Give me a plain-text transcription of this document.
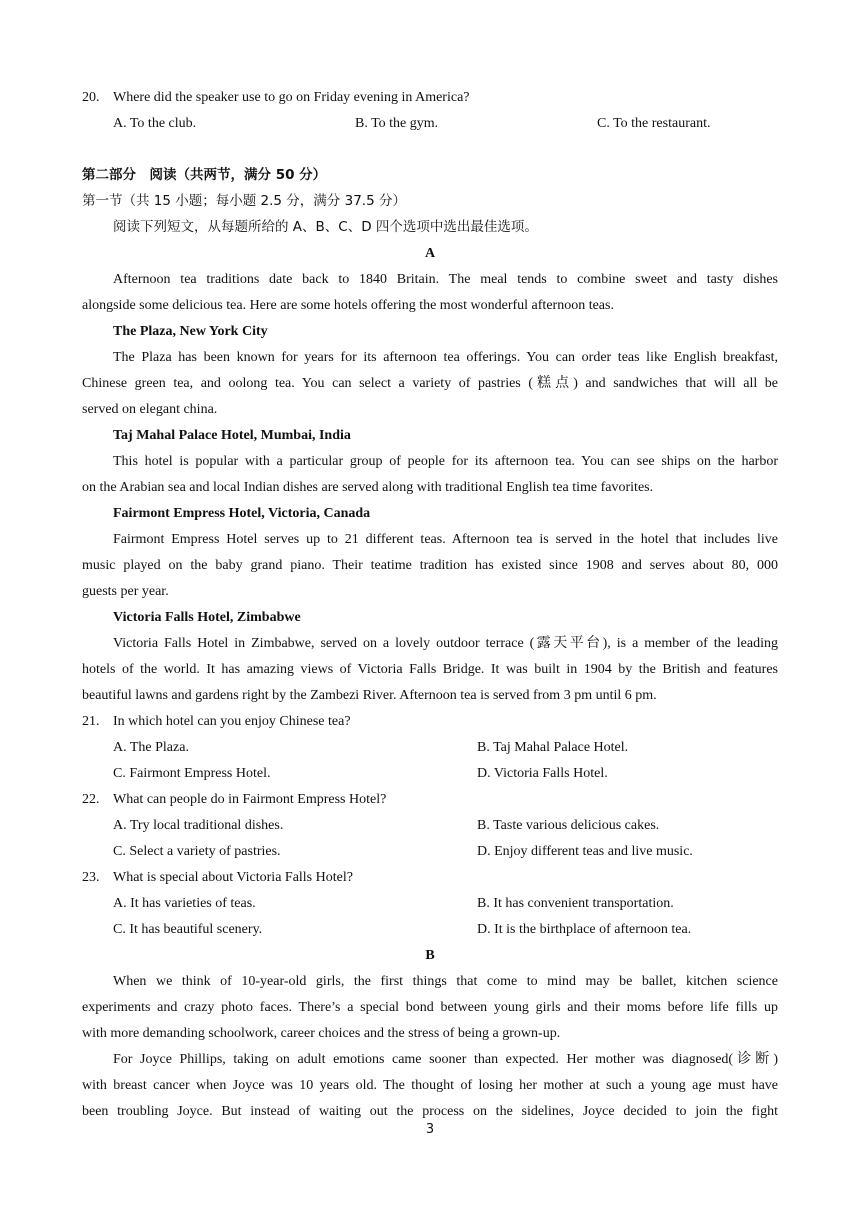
20. Where did the speaker use to go on Friday evening in America?
A. To the club.	B. To the gym.	C. To the restaurant.
第二部分　阅读（共两节，满分 50 分）
第一节（共 15 小题；每小题 2.5 分，满分 37.5 分）
阅读下列短文，从每题所给的 A、B、C、D 四个选项中选出最佳选项。
A
Afternoon tea traditions date back to 1840 Britain. The meal tends to combine sweet and tasty dishes
alongside some delicious tea. Here are some hotels offering the most wonderful afternoon teas.
The Plaza, New York City
The Plaza has been known for years for its afternoon tea offerings. You can order teas like English breakfast,
Chinese green tea, and oolong tea. You can select a variety of pastries (糕点) and sandwiches that will all be
served on elegant china.
Taj Mahal Palace Hotel, Mumbai, India
This hotel is popular with a particular group of people for its afternoon tea. You can see ships on the harbor
on the Arabian sea and local Indian dishes are served along with traditional English tea time favorites.
Fairmont Empress Hotel, Victoria, Canada
Fairmont Empress Hotel serves up to 21 different teas. Afternoon tea is served in the hotel that includes live
music played on the baby grand piano. Their teatime tradition has existed since 1908 and serves about 80, 000
guests per year.
Victoria Falls Hotel, Zimbabwe
Victoria Falls Hotel in Zimbabwe, served on a lovely outdoor terrace (露天平台), is a member of the leading
hotels of the world. It has amazing views of Victoria Falls Bridge. It was built in 1904 by the British and features
beautiful lawns and gardens right by the Zambezi River. Afternoon tea is served from 3 pm until 6 pm.
21. In which hotel can you enjoy Chinese tea?
A. The Plaza.	B. Taj Mahal Palace Hotel.
C. Fairmont Empress Hotel.	D. Victoria Falls Hotel.
22. What can people do in Fairmont Empress Hotel?
A. Try local traditional dishes.	B. Taste various delicious cakes.
C. Select a variety of pastries.	D. Enjoy different teas and live music.
23. What is special about Victoria Falls Hotel?
A. It has varieties of teas.	B. It has convenient transportation.
C. It has beautiful scenery.	D. It is the birthplace of afternoon tea.
B
When we think of 10-year-old girls, the first things that come to mind may be ballet, kitchen science
experiments and crazy photo faces. There’s a special bond between young girls and their moms before life fills up
with more demanding schoolwork, career choices and the stress of being a grown-up.
For Joyce Phillips, taking on adult emotions came sooner than expected. Her mother was diagnosed(诊断)
with breast cancer when Joyce was 10 years old. The thought of losing her mother at such a young age must have
been troubling Joyce. But instead of waiting out the process on the sidelines, Joyce decided to join the fight
3
